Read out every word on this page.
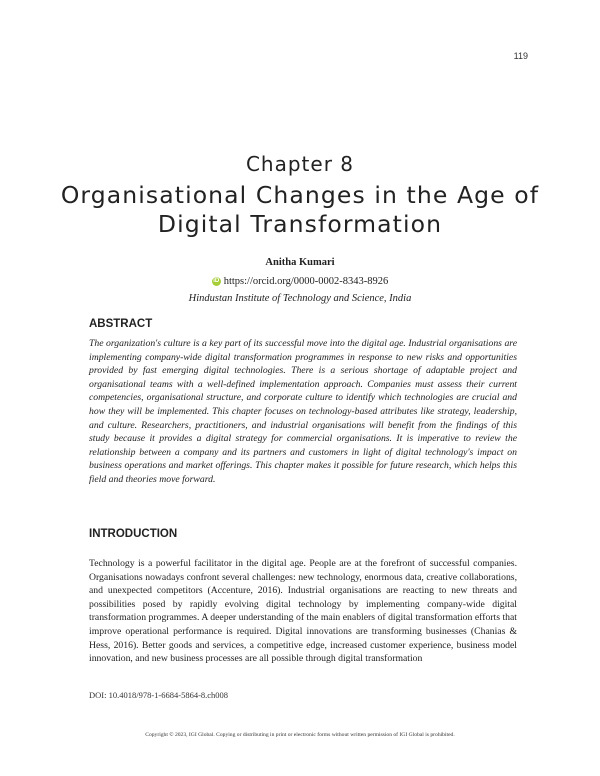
119
Chapter 8
Organisational Changes in the Age of Digital Transformation
Anitha Kumari
iD https://orcid.org/0000-0002-8343-8926
Hindustan Institute of Technology and Science, India
ABSTRACT

The organization's culture is a key part of its successful move into the digital age. Industrial organisations are implementing company-wide digital transformation programmes in response to new risks and opportunities provided by fast emerging digital technologies. There is a serious shortage of adaptable project and organisational teams with a well-defined implementation approach. Companies must assess their current competencies, organisational structure, and corporate culture to identify which technologies are crucial and how they will be implemented. This chapter focuses on technology-based attributes like strategy, leadership, and culture. Researchers, practitioners, and industrial organisations will benefit from the findings of this study because it provides a digital strategy for commercial organisations. It is imperative to review the relationship between a company and its partners and customers in light of digital technology's impact on business operations and market offerings. This chapter makes it possible for future research, which helps this field and theories move forward.

INTRODUCTION

Technology is a powerful facilitator in the digital age. People are at the forefront of successful companies. Organisations nowadays confront several challenges: new technology, enormous data, creative collaborations, and unexpected competitors (Accenture, 2016). Industrial organisations are reacting to new threats and possibilities posed by rapidly evolving digital technology by implementing company-wide digital transformation programmes. A deeper understanding of the main enablers of digital transformation efforts that improve operational performance is required. Digital innovations are transforming businesses (Chanias & Hess, 2016). Better goods and services, a competitive edge, increased customer experience, business model innovation, and new business processes are all possible through digital transformation

DOI: 10.4018/978-1-6684-5864-8.ch008
Copyright © 2023, IGI Global. Copying or distributing in print or electronic forms without written permission of IGI Global is prohibited.
